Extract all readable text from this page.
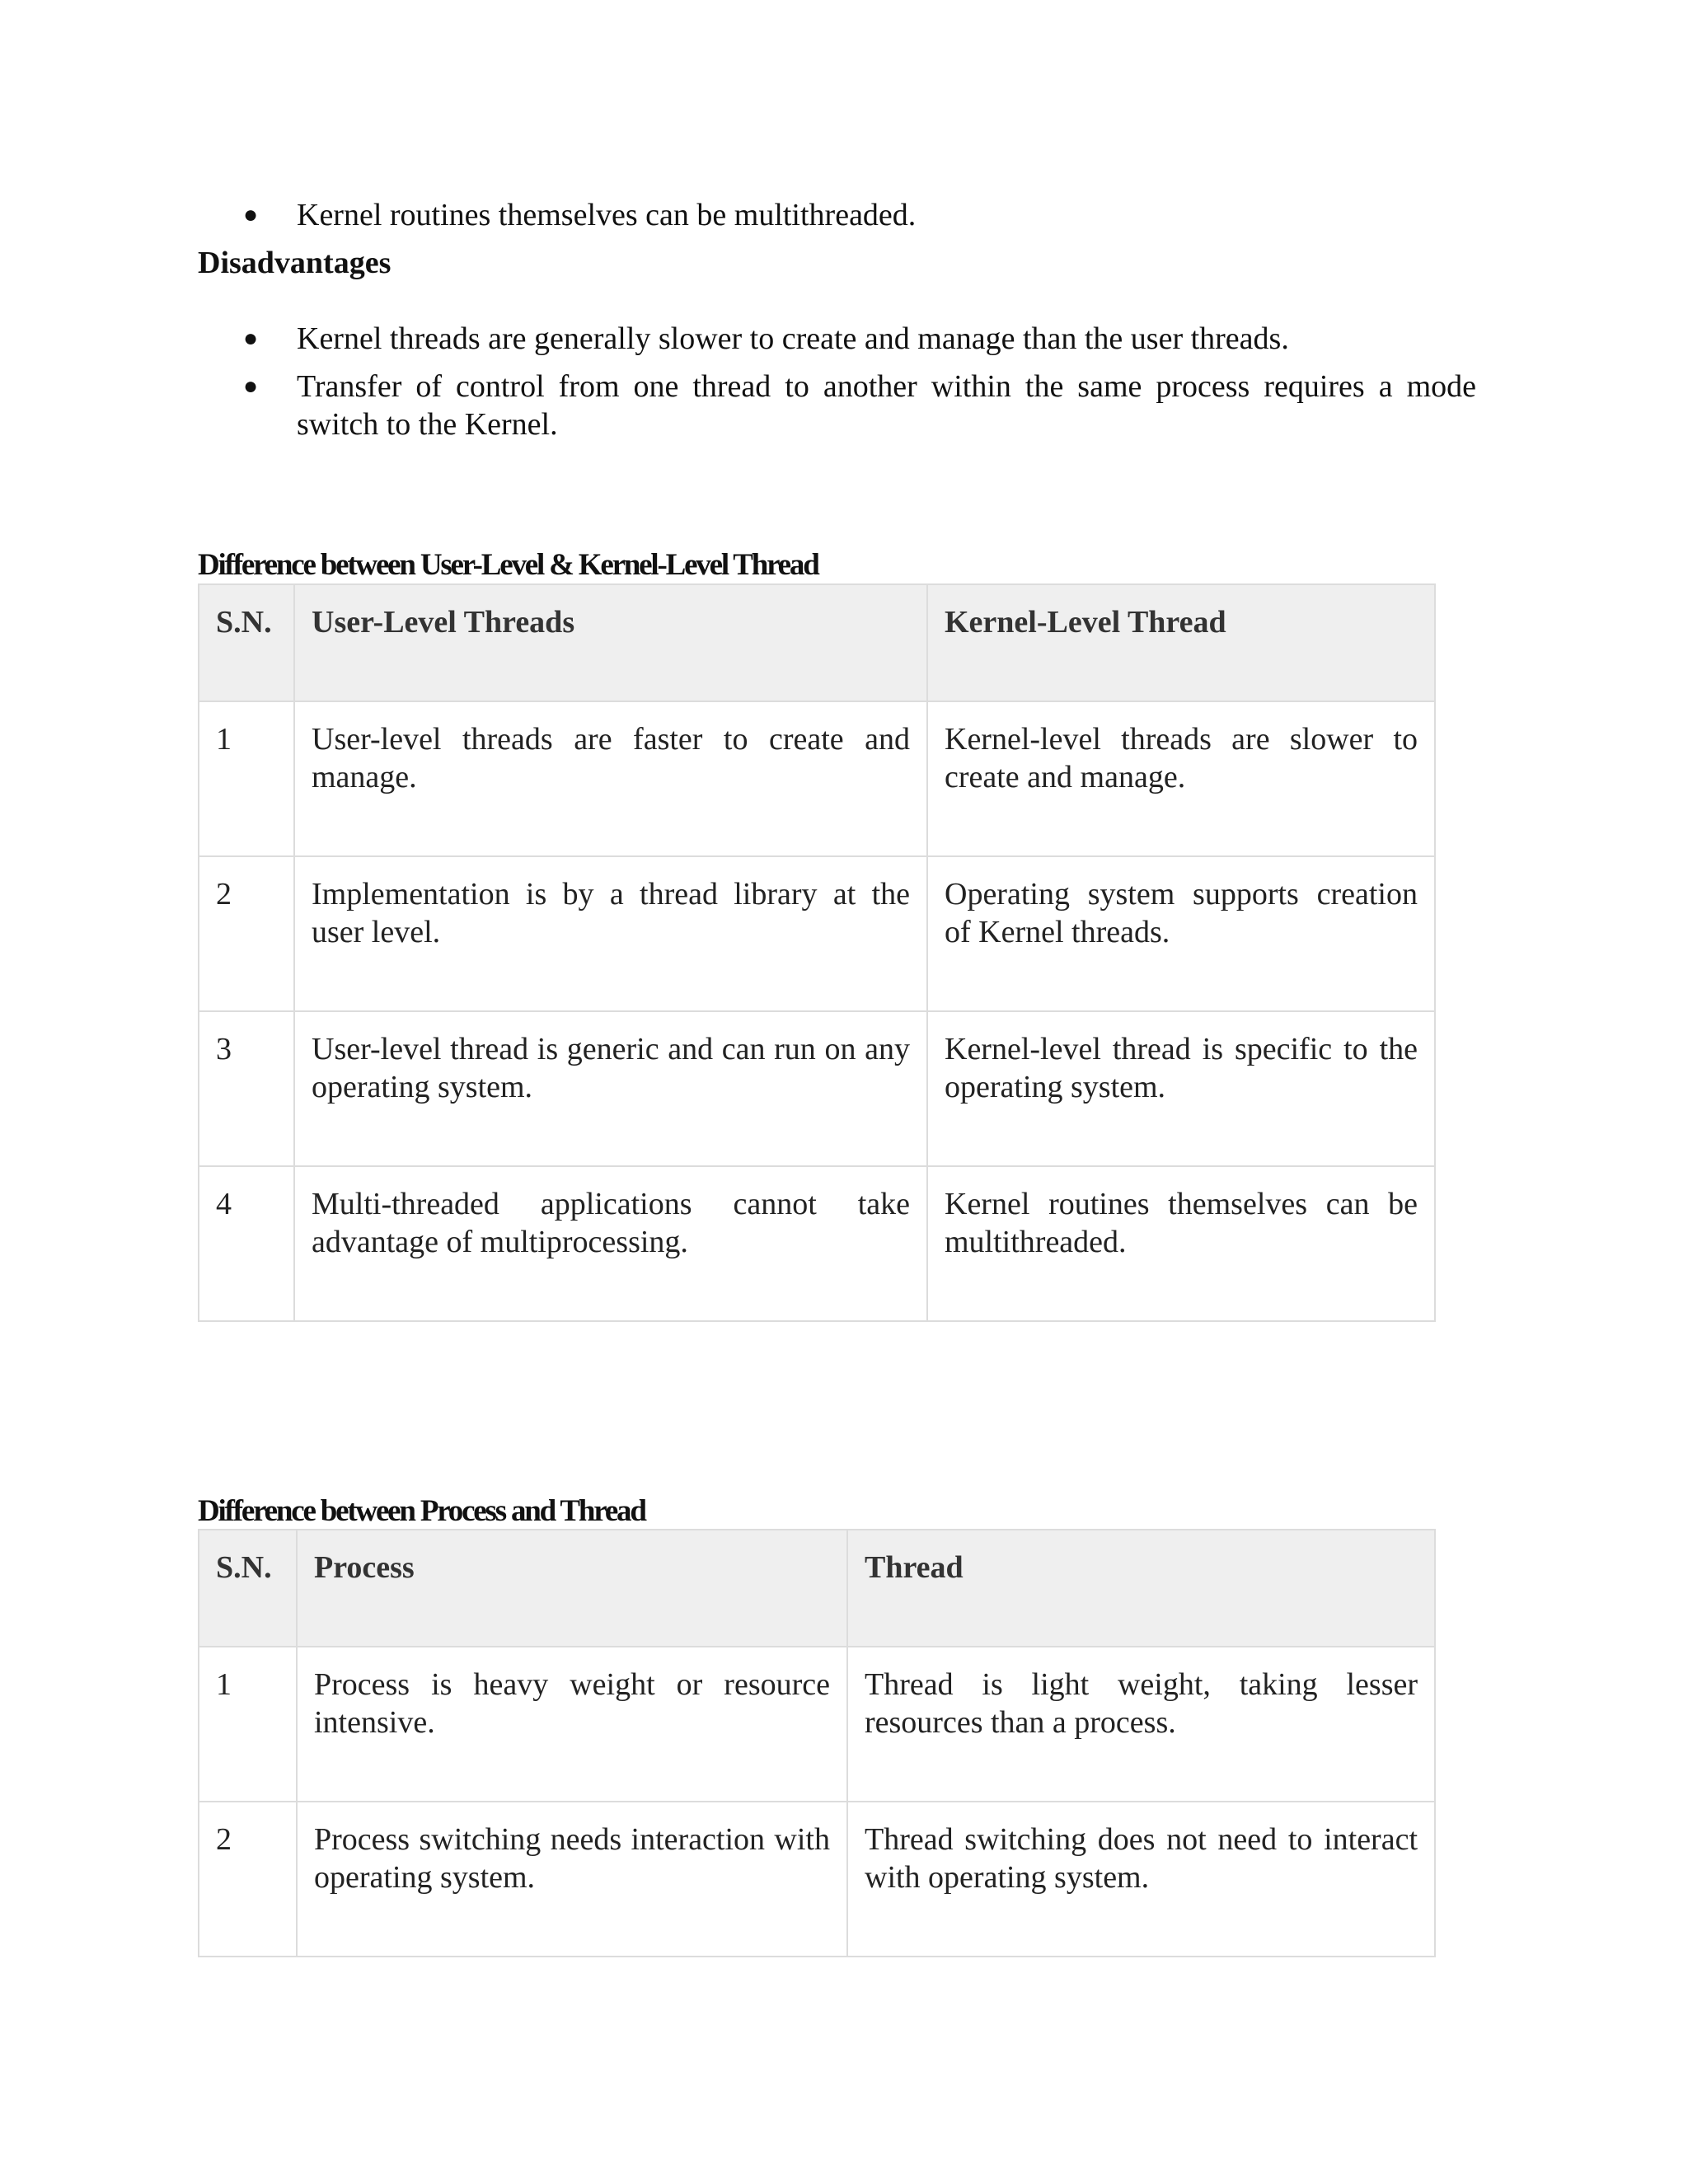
●	Kernel routines themselves can be multithreaded.
Disadvantages
●	Kernel threads are generally slower to create and manage than the user threads.
●	Transfer of control from one thread to another within the same process requires a mode switch to the Kernel.
Difference between User-Level & Kernel-Level Thread
S.N.	User-Level Threads	Kernel-Level Thread
1	User-level threads are faster to create and manage.	Kernel-level threads are slower to create and manage.
2	Implementation is by a thread library at the user level.	Operating system supports creation of Kernel threads.
3	User-level thread is generic and can run on any operating system.	Kernel-level thread is specific to the operating system.
4	Multi-threaded applications cannot take advantage of multiprocessing.	Kernel routines themselves can be multithreaded.
Difference between Process and Thread
S.N.	Process	Thread
1	Process is heavy weight or resource intensive.	Thread is light weight, taking lesser resources than a process.
2	Process switching needs interaction with operating system.	Thread switching does not need to interact with operating system.
